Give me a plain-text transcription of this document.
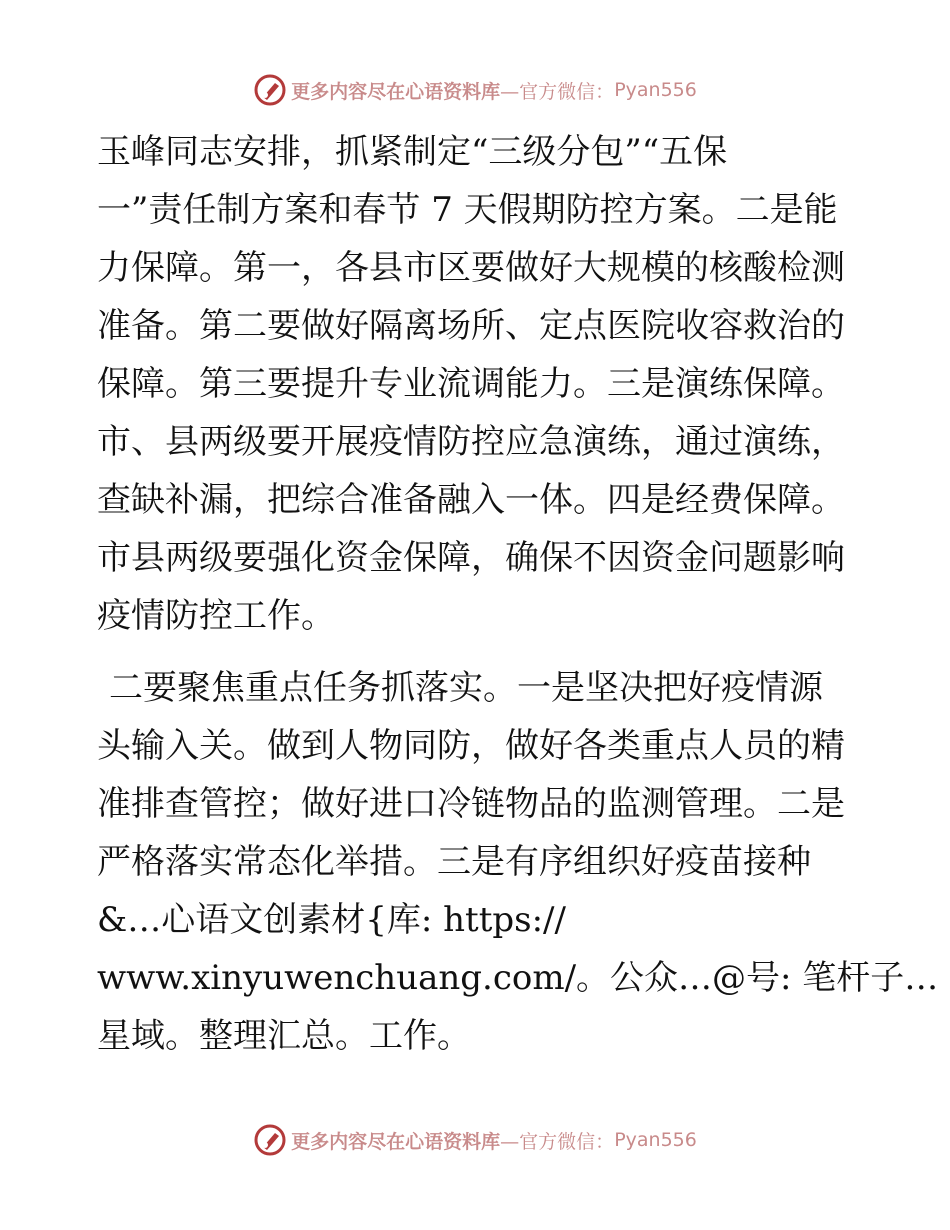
更多内容尽在心语资料库 —官方微信： Pyan556
玉峰同志安排，抓紧制定“三级分包”“五保
一”责任制方案和春节 7 天假期防控方案。二是能
力保障。第一，各县市区要做好大规模的核酸检测
准备。第二要做好隔离场所、定点医院收容救治的
保障。第三要提升专业流调能力。三是演练保障。
市、县两级要开展疫情防控应急演练，通过演练，
查缺补漏，把综合准备融入一体。四是经费保障。
市县两级要强化资金保障，确保不因资金问题影响
疫情防控工作。
二要聚焦重点任务抓落实。一是坚决把好疫情源
头输入关。做到人物同防，做好各类重点人员的精
准排查管控；做好进口冷链物品的监测管理。二是
严格落实常态化举措。三是有序组织好疫苗接种
&…心语文创素材{库: https://
www.xinyuwenchuang.com/。公众…@号: 笔杆子…
星域。整理汇总。工作。
更多内容尽在心语资料库 —官方微信： Pyan556
